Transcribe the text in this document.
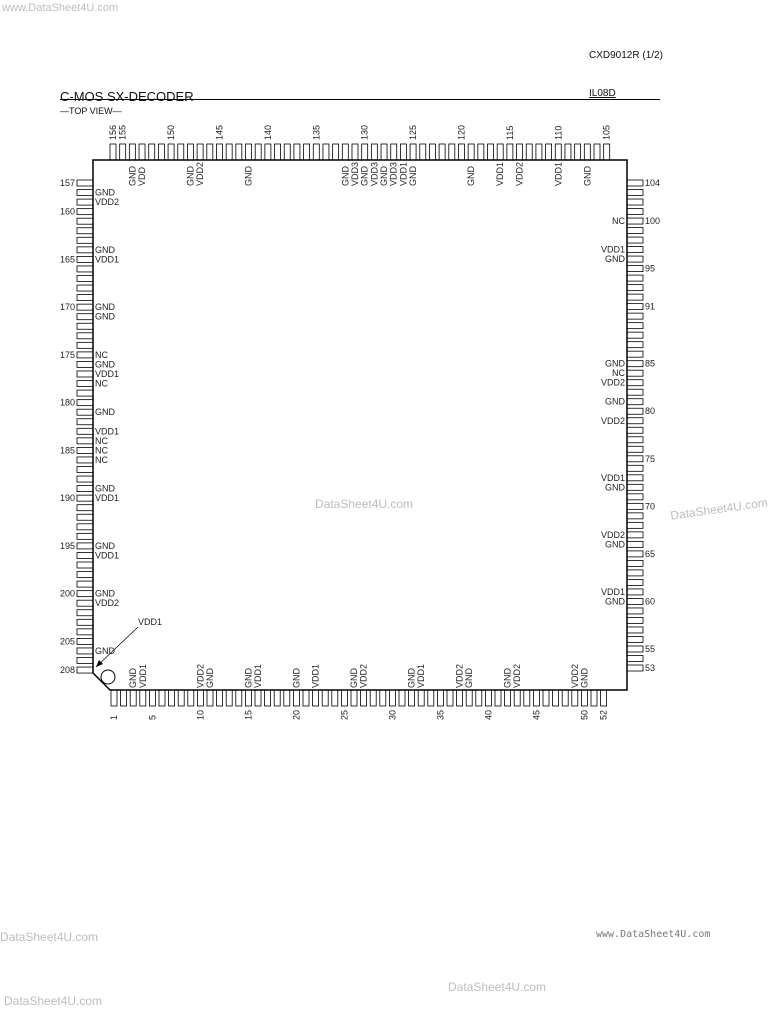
www.DataSheet4U.com
CXD9012R (1/2)
IL08D
C-MOS SX-DECODER
—TOP VIEW—
VDD1
156 155	150	145	140	135	130	125	120	115	110	105
GND VDD	GND VDD2	GND	GND VDD3 GND VDD3 GND VDD3 VDD1 GND	GND VDD1 VDD2	VDD1 GND
1	5	10	15	20	25	30	35	40	45	50 52
GND VDD1	VDD2 GND	GND VDD1	GND VDD1	GND VDD2	GND VDD1	VDD2 GND	GND VDD2	VDD2 GND
157
160
165
170
175
180
185
190
195
200
205
208
GND
VDD2
GND
VDD1
GND
GND
NC
GND
VDD1
NC
GND
VDD1
NC
NC
NC
GND
VDD1
GND
VDD1
GND
VDD2
GND
104
100
95
91
85
80
75
70
65
60
55
53
NC
VDD1
GND
GND
NC
VDD2
GND
VDD2
VDD1
GND
VDD2
GND
VDD1
GND
DataSheet4U.com	DataSheet4U.com
DataSheet4U.com	www.DataSheet4U.com
DataSheet4U.com
DataSheet4U.com
